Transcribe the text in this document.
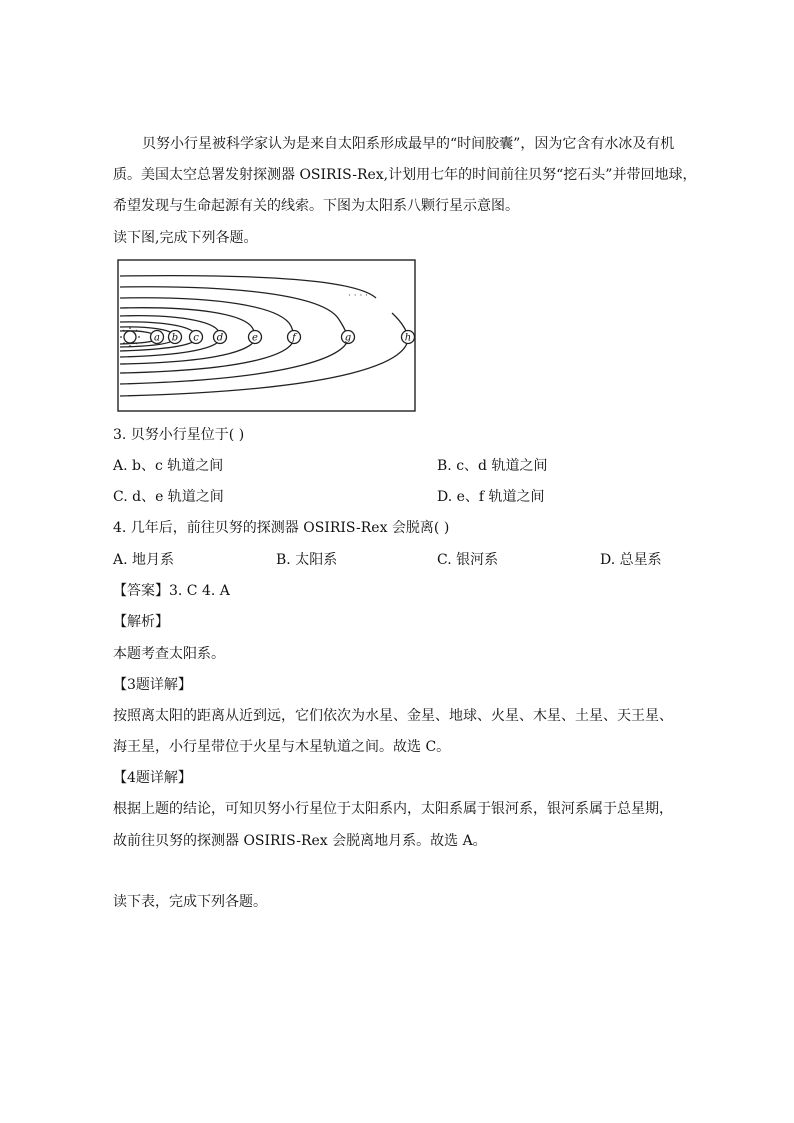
贝努小行星被科学家认为是来自太阳系形成最早的“时间胶囊”，因为它含有水冰及有机
质。美国太空总署发射探测器 OSIRIS-Rex,计划用七年的时间前往贝努“挖石头”并带回地球，
希望发现与生命起源有关的线索。下图为太阳系八颗行星示意图。
读下图,完成下列各题。
a b c d	e	f	g	h
· · · ·
3. 贝努小行星位于( )
A. b、c 轨道之间	B. c、d 轨道之间
C. d、e 轨道之间	D. e、f 轨道之间
4. 几年后，前往贝努的探测器 OSIRIS-Rex 会脱离( )
A. 地月系	B. 太阳系	C. 银河系	D. 总星系
【答案】3. C 4. A
【解析】
本题考查太阳系。
【3题详解】
按照离太阳的距离从近到远，它们依次为水星、金星、地球、火星、木星、土星、天王星、
海王星，小行星带位于火星与木星轨道之间。故选 C。
【4题详解】
根据上题的结论，可知贝努小行星位于太阳系内，太阳系属于银河系，银河系属于总星期，
故前往贝努的探测器 OSIRIS-Rex 会脱离地月系。故选 A。
读下表，完成下列各题。
